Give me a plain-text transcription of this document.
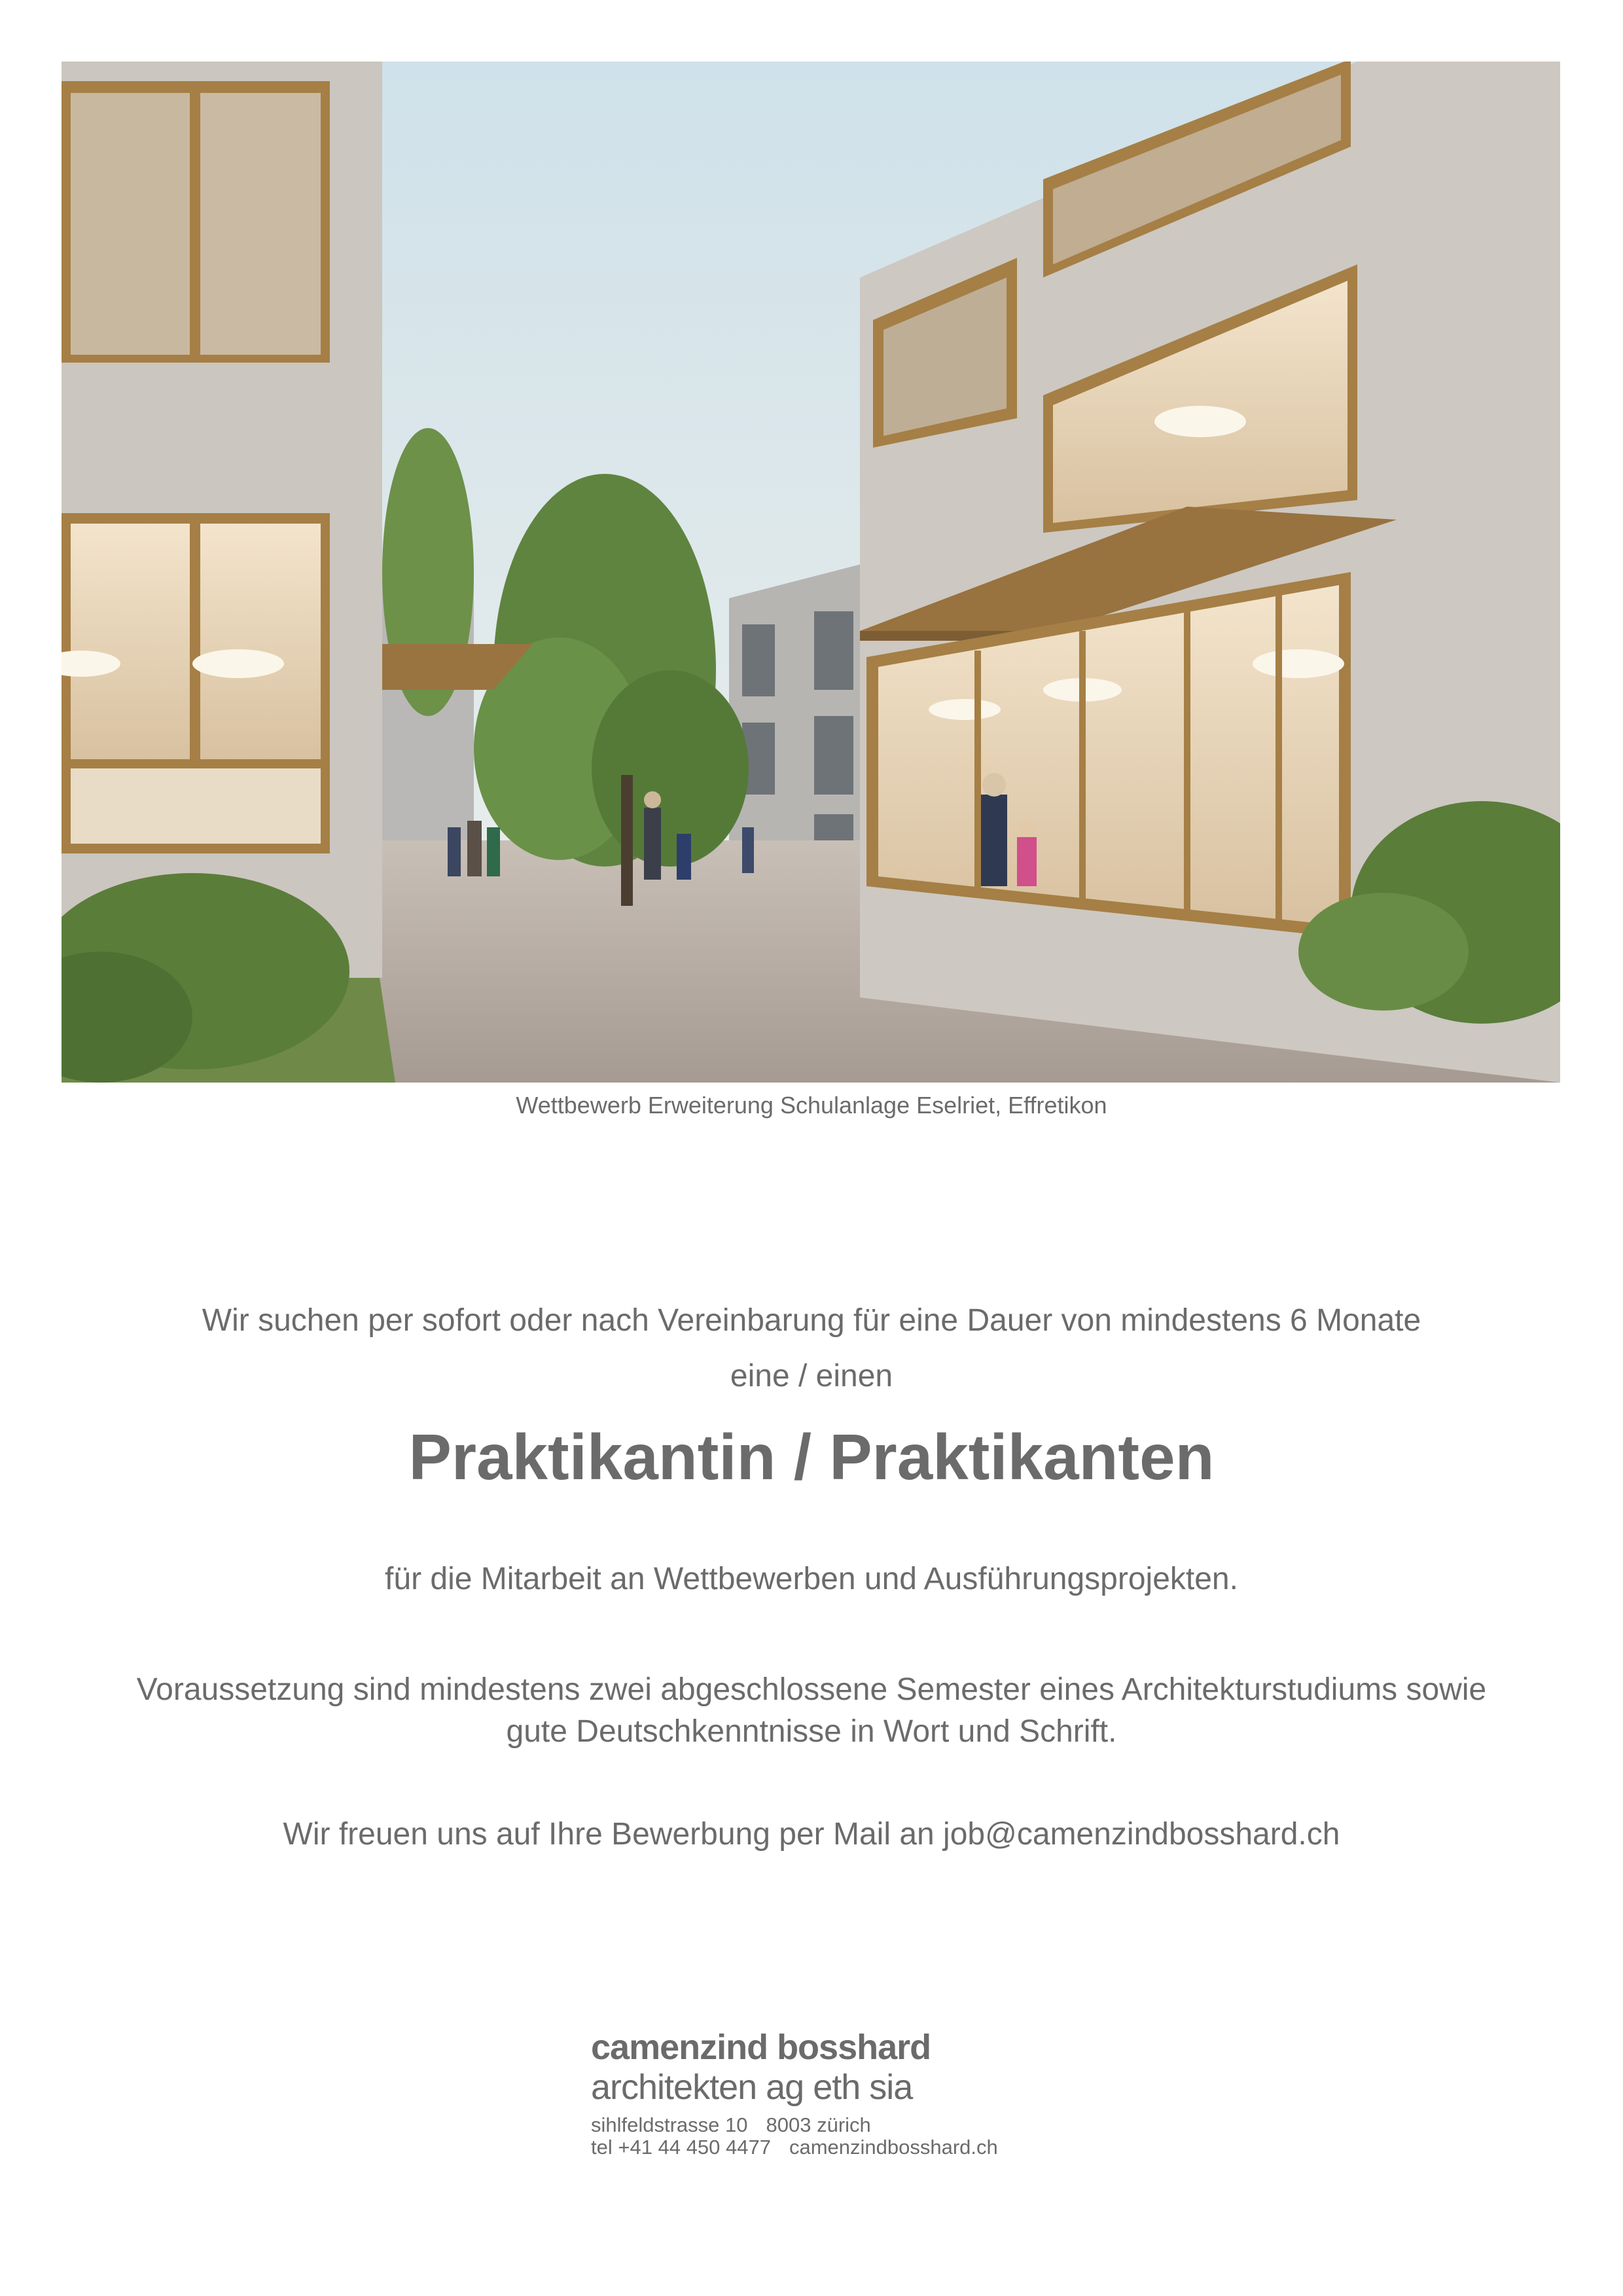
Wettbewerb Erweiterung Schulanlage Eselriet, Effretikon
Wir suchen per sofort oder nach Vereinbarung für eine Dauer von mindestens 6 Monate
eine / einen
Praktikantin / Praktikanten
für die Mitarbeit an Wettbewerben und Ausführungsprojekten.
Voraussetzung sind mindestens zwei abgeschlossene Semester eines Architekturstudiums sowie
gute Deutschkenntnisse in Wort und Schrift.
Wir freuen uns auf Ihre Bewerbung per Mail an job@camenzindbosshard.ch
camenzind bosshard
architekten ag eth sia
sihlfeldstrasse 10 8003 zürich
tel +41 44 450 4477 camenzindbosshard.ch
